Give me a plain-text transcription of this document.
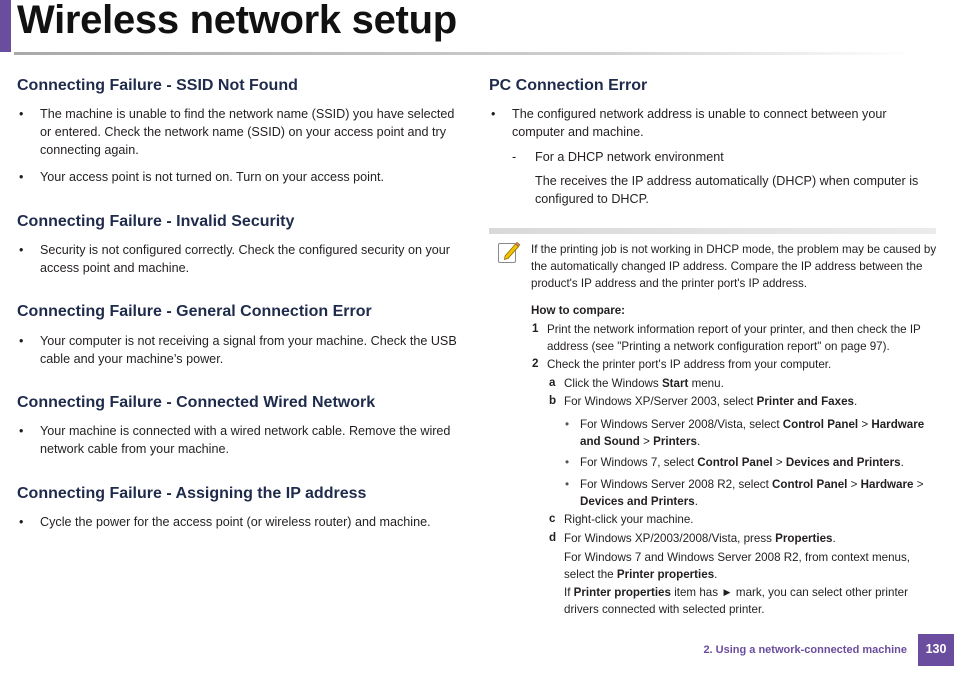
Wireless network setup
Connecting Failure - SSID Not Found
• The machine is unable to find the network name (SSID) you have selected or entered. Check the network name (SSID) on your access point and try connecting again.
• Your access point is not turned on. Turn on your access point.
Connecting Failure - Invalid Security
• Security is not configured correctly. Check the configured security on your access point and machine.
Connecting Failure - General Connection Error
• Your computer is not receiving a signal from your machine. Check the USB cable and your machine’s power.
Connecting Failure - Connected Wired Network
• Your machine is connected with a wired network cable. Remove the wired network cable from your machine.
Connecting Failure - Assigning the IP address
• Cycle the power for the access point (or wireless router) and machine.
PC Connection Error
• The configured network address is unable to connect between your computer and machine.
- For a DHCP network environment
The receives the IP address automatically (DHCP) when computer is configured to DHCP.
If the printing job is not working in DHCP mode, the problem may be caused by the automatically changed IP address. Compare the IP address between the product's IP address and the printer port's IP address.
How to compare:
1 Print the network information report of your printer, and then check the IP address (see "Printing a network configuration report" on page 97).
2 Check the printer port's IP address from your computer.
a Click the Windows Start menu.
b For Windows XP/Server 2003, select Printer and Faxes.
• For Windows Server 2008/Vista, select Control Panel > Hardware and Sound > Printers.
• For Windows 7, select Control Panel > Devices and Printers.
• For Windows Server 2008 R2, select Control Panel > Hardware > Devices and Printers.
c Right-click your machine.
d For Windows XP/2003/2008/Vista, press Properties.
For Windows 7 and Windows Server 2008 R2, from context menus, select the Printer properties.
If Printer properties item has ► mark, you can select other printer drivers connected with selected printer.
2. Using a network-connected machine	130
